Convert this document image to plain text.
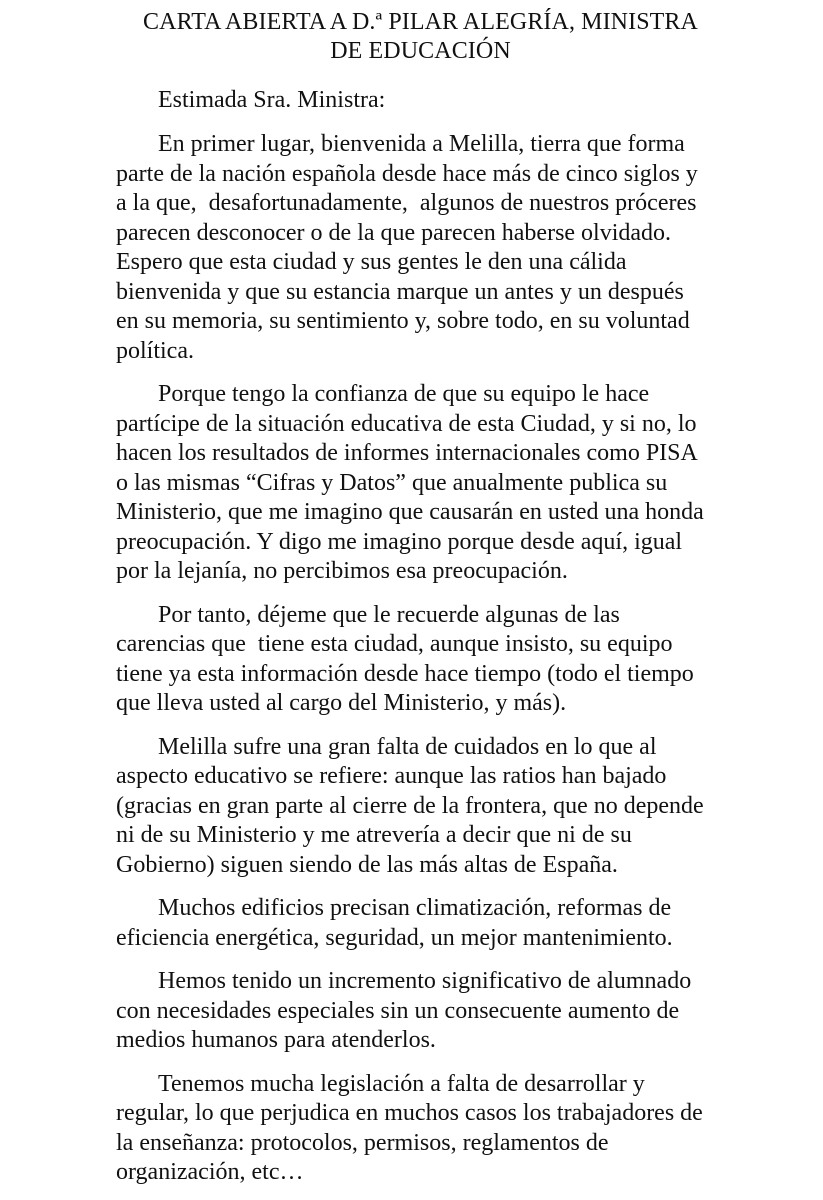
CARTA ABIERTA A D.ª PILAR ALEGRÍA, MINISTRA
DE EDUCACIÓN

Estimada Sra. Ministra:

En primer lugar, bienvenida a Melilla, tierra que forma parte de la nación española desde hace más de cinco siglos y a la que,  desafortunadamente,  algunos de nuestros próceres parecen desconocer o de la que parecen haberse olvidado. Espero que esta ciudad y sus gentes le den una cálida bienvenida y que su estancia marque un antes y un después en su memoria, su sentimiento y, sobre todo, en su voluntad política.

Porque tengo la confianza de que su equipo le hace partícipe de la situación educativa de esta Ciudad, y si no, lo hacen los resultados de informes internacionales como PISA o las mismas “Cifras y Datos” que anualmente publica su Ministerio, que me imagino que causarán en usted una honda preocupación. Y digo me imagino porque desde aquí, igual por la lejanía, no percibimos esa preocupación.

Por tanto, déjeme que le recuerde algunas de las carencias que  tiene esta ciudad, aunque insisto, su equipo tiene ya esta información desde hace tiempo (todo el tiempo que lleva usted al cargo del Ministerio, y más).

Melilla sufre una gran falta de cuidados en lo que al aspecto educativo se refiere: aunque las ratios han bajado (gracias en gran parte al cierre de la frontera, que no depende ni de su Ministerio y me atrevería a decir que ni de su Gobierno) siguen siendo de las más altas de España.

Muchos edificios precisan climatización, reformas de eficiencia energética, seguridad, un mejor mantenimiento.

Hemos tenido un incremento significativo de alumnado con necesidades especiales sin un consecuente aumento de medios humanos para atenderlos.

Tenemos mucha legislación a falta de desarrollar y regular, lo que perjudica en muchos casos los trabajadores de la enseñanza: protocolos, permisos, reglamentos de organización, etc…
